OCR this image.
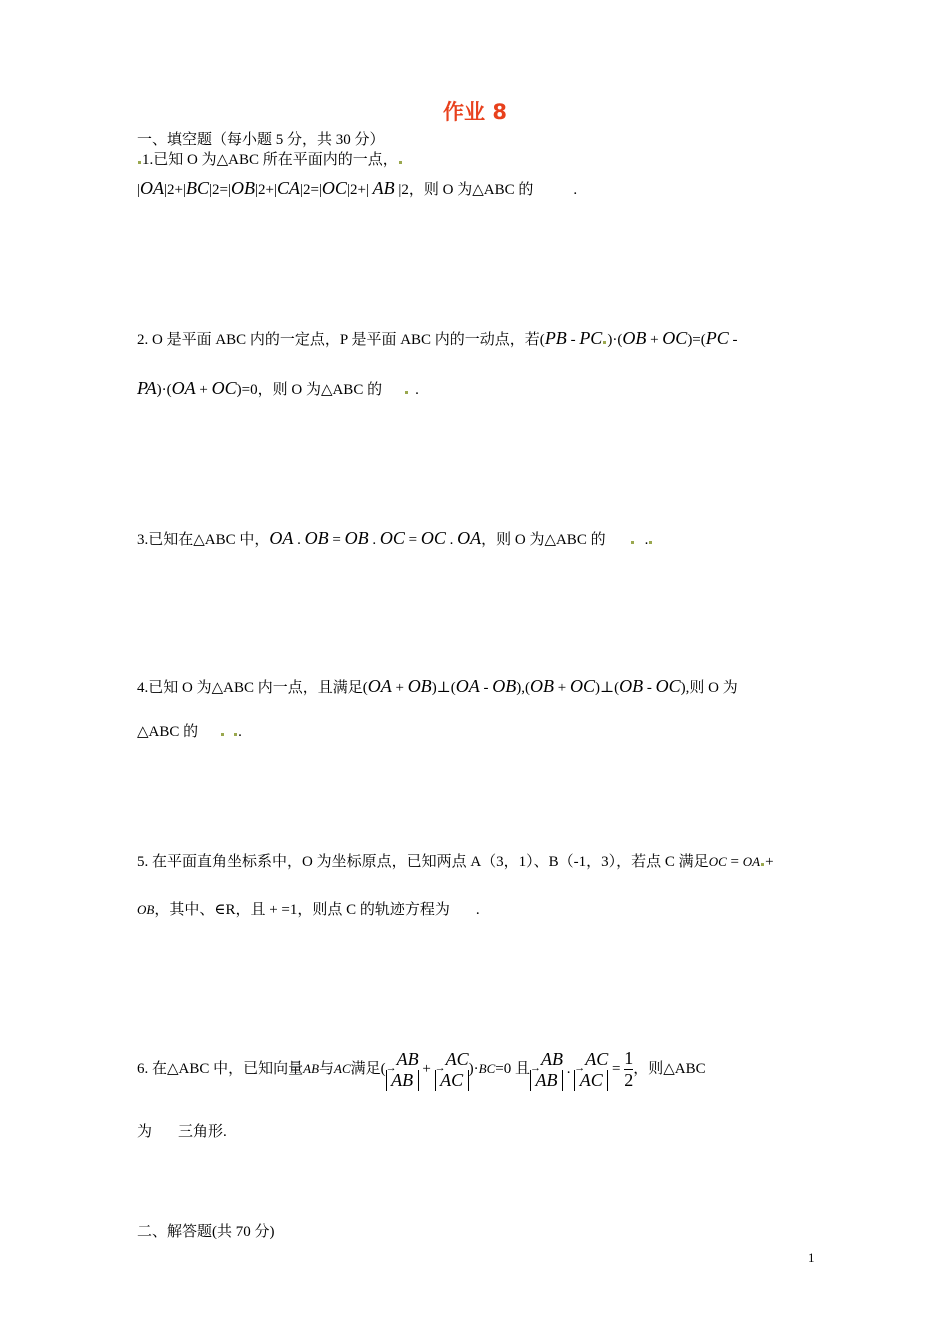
作业 8
一、填空题（每小题 5 分，共 30 分）
1.已知 O 为△ABC 所在平面内的一点，
|OA|2+|BC|2=|OB|2+|CA|2=|OC|2+| AB |2，则 O 为△ABC 的	.
2. O 是平面 ABC 内的一定点，P 是平面 ABC 内的一动点，若(PB - PC )·(OB + OC)=(PC -
PA)·(OA + OC)=0，则 O 为△ABC 的 .
3.已知在△ABC 中，OA . OB = OB . OC = OC . OA，则 O 为△ABC 的	.
4.已知 O 为△ABC 内一点，且满足(OA + OB)⊥(OA - OB),(OB + OC)⊥(OB - OC),则 O 为
△ABC 的	.
5. 在平面直角坐标系中，O 为坐标原点，已知两点 A（3，1）、B（-1，3），若点 C 满足OC = OA +
OB，其中、∈R，且 + =1，则点 C 的轨迹方程为 .
6. 在△ABC 中，已知向量AB与AC满足( $_\to$AB
AB
+ $_\to$AC
AC
)·BC=0 且 $_\to$AB
AB
. $_\to$AC
AC
= $\frac{1}{2}$ ，则△ABC
为 三角形.
二、解答题(共 70 分)
1
